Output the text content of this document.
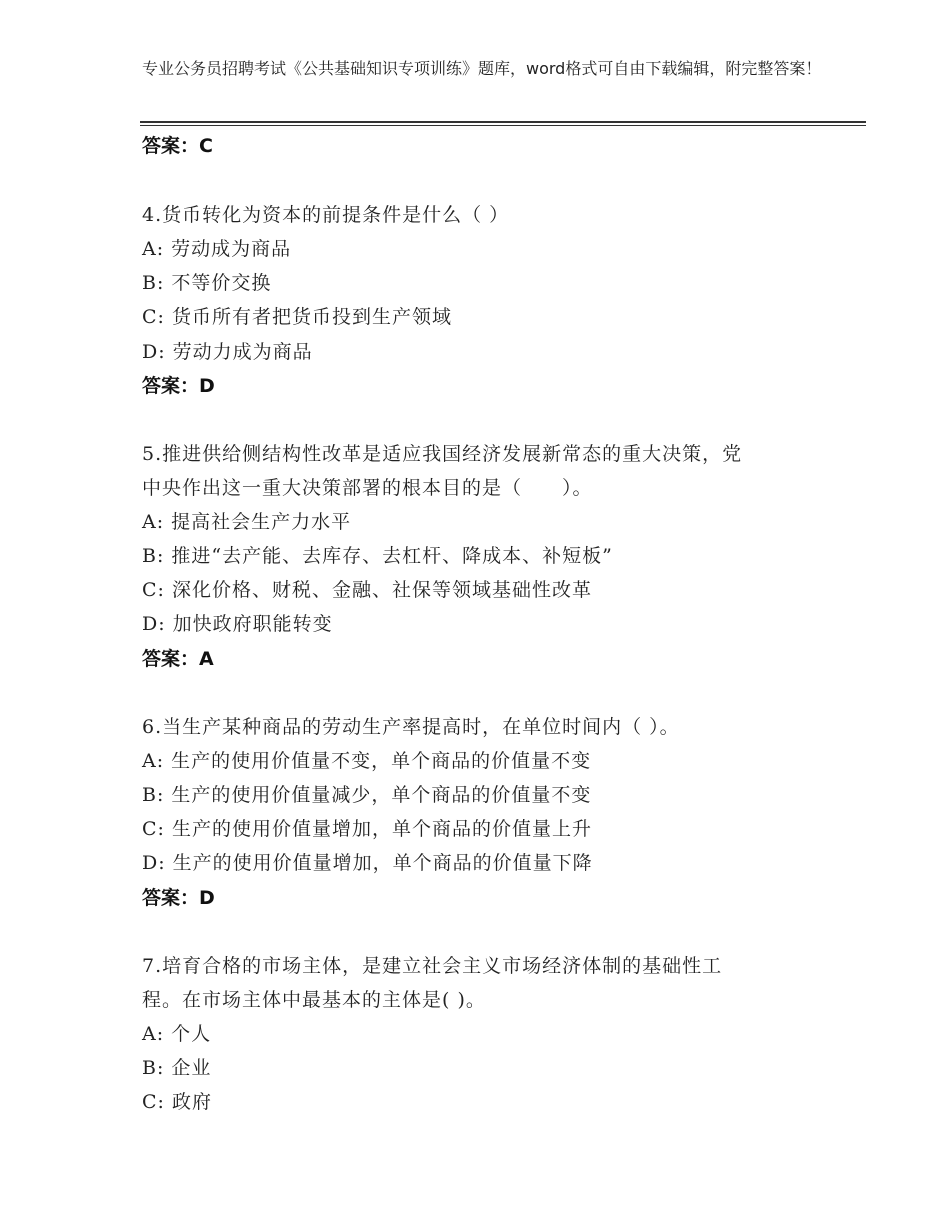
专业公务员招聘考试《公共基础知识专项训练》题库，word格式可自由下载编辑，附完整答案！
答案：C
4.货币转化为资本的前提条件是什么（ ）
A: 劳动成为商品
B: 不等价交换
C: 货币所有者把货币投到生产领域
D: 劳动力成为商品
答案：D
5.推进供给侧结构性改革是适应我国经济发展新常态的重大决策，党
中央作出这一重大决策部署的根本目的是（　　）。
A: 提高社会生产力水平
B: 推进“去产能、去库存、去杠杆、降成本、补短板”
C: 深化价格、财税、金融、社保等领域基础性改革
D: 加快政府职能转变
答案：A
6.当生产某种商品的劳动生产率提高时，在单位时间内（ ）。
A: 生产的使用价值量不变，单个商品的价值量不变
B: 生产的使用价值量减少，单个商品的价值量不变
C: 生产的使用价值量增加，单个商品的价值量上升
D: 生产的使用价值量增加，单个商品的价值量下降
答案：D
7.培育合格的市场主体，是建立社会主义市场经济体制的基础性工
程。在市场主体中最基本的主体是( )。
A: 个人
B: 企业
C: 政府
